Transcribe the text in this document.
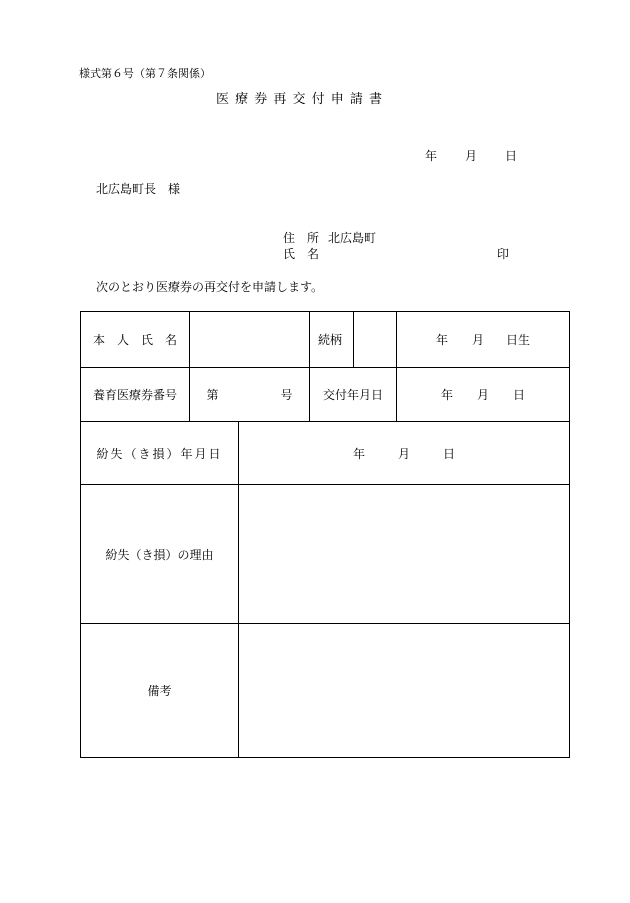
様式第６号（第７条関係）
医 療 券 再 交 付 申 請 書
年 月 日
北広島町長　様
住　所 北広島町
氏　名	印
次のとおり医療券の再交付を申請します。
本　人　氏　名			続柄		年 月 日生

養育医療券番号	第 号		交付年月日		年 月 日

紛失（き損）年月日		年 月 日			

紛失（き損）の理由					

備考					
